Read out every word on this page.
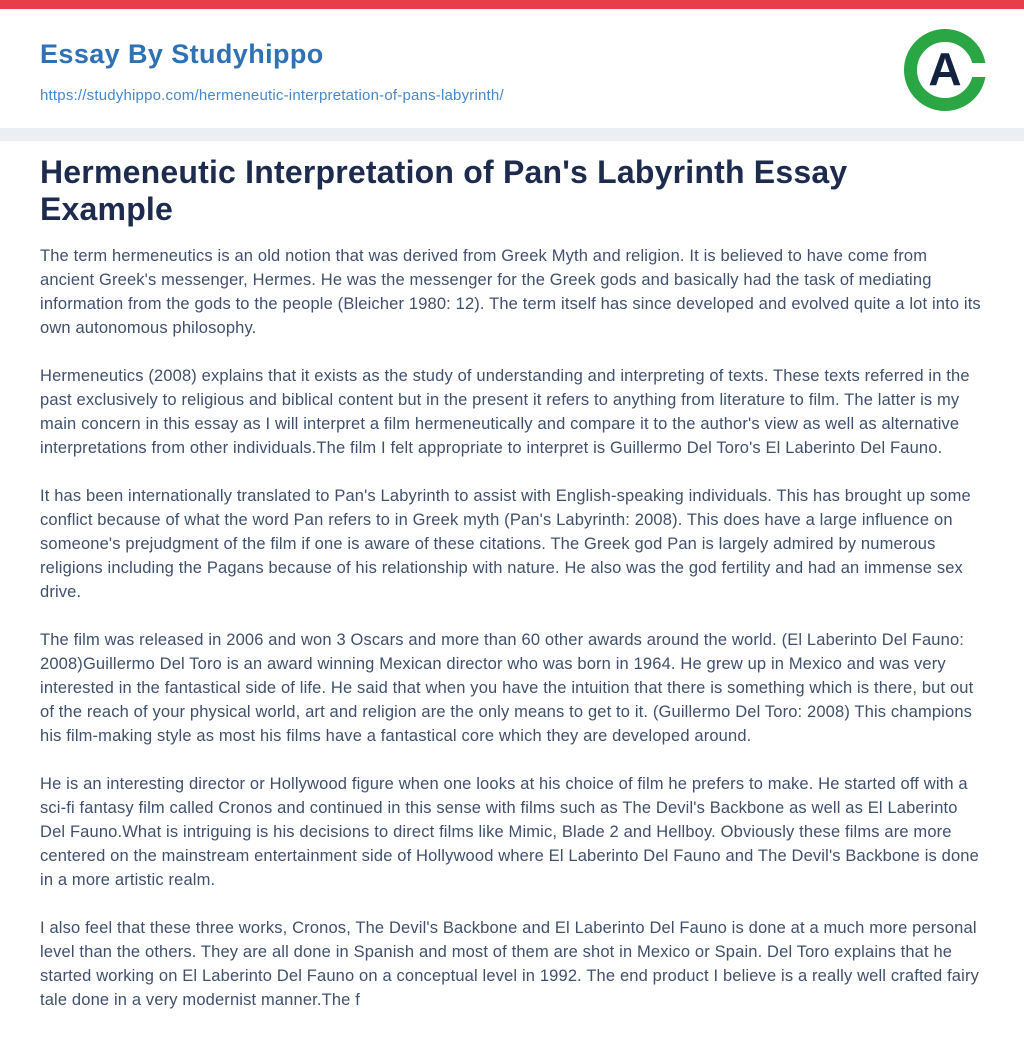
Essay By Studyhippo
https://studyhippo.com/hermeneutic-interpretation-of-pans-labyrinth/
A
Hermeneutic Interpretation of Pan's Labyrinth Essay Example

The term hermeneutics is an old notion that was derived from Greek Myth and religion. It is believed to have come from ancient Greek's messenger, Hermes. He was the messenger for the Greek gods and basically had the task of mediating information from the gods to the people (Bleicher 1980: 12). The term itself has since developed and evolved quite a lot into its own autonomous philosophy.

Hermeneutics (2008) explains that it exists as the study of understanding and interpreting of texts. These texts referred in the past exclusively to religious and biblical content but in the present it refers to anything from literature to film. The latter is my main concern in this essay as I will interpret a film hermeneutically and compare it to the author's view as well as alternative interpretations from other individuals.The film I felt appropriate to interpret is Guillermo Del Toro's El Laberinto Del Fauno.

It has been internationally translated to Pan's Labyrinth to assist with English-speaking individuals. This has brought up some conflict because of what the word Pan refers to in Greek myth (Pan's Labyrinth: 2008). This does have a large influence on someone's prejudgment of the film if one is aware of these citations. The Greek god Pan is largely admired by numerous religions including the Pagans because of his relationship with nature. He also was the god fertility and had an immense sex drive.

The film was released in 2006 and won 3 Oscars and more than 60 other awards around the world. (El Laberinto Del Fauno: 2008)Guillermo Del Toro is an award winning Mexican director who was born in 1964. He grew up in Mexico and was very interested in the fantastical side of life. He said that when you have the intuition that there is something which is there, but out of the reach of your physical world, art and religion are the only means to get to it. (Guillermo Del Toro: 2008) This champions his film-making style as most his films have a fantastical core which they are developed around.

He is an interesting director or Hollywood figure when one looks at his choice of film he prefers to make. He started off with a sci-fi fantasy film called Cronos and continued in this sense with films such as The Devil's Backbone as well as El Laberinto Del Fauno.What is intriguing is his decisions to direct films like Mimic, Blade 2 and Hellboy. Obviously these films are more centered on the mainstream entertainment side of Hollywood where El Laberinto Del Fauno and The Devil's Backbone is done in a more artistic realm.

I also feel that these three works, Cronos, The Devil's Backbone and El Laberinto Del Fauno is done at a much more personal level than the others. They are all done in Spanish and most of them are shot in Mexico or Spain. Del Toro explains that he started working on El Laberinto Del Fauno on a conceptual level in 1992. The end product I believe is a really well crafted fairy tale done in a very modernist manner.The f
